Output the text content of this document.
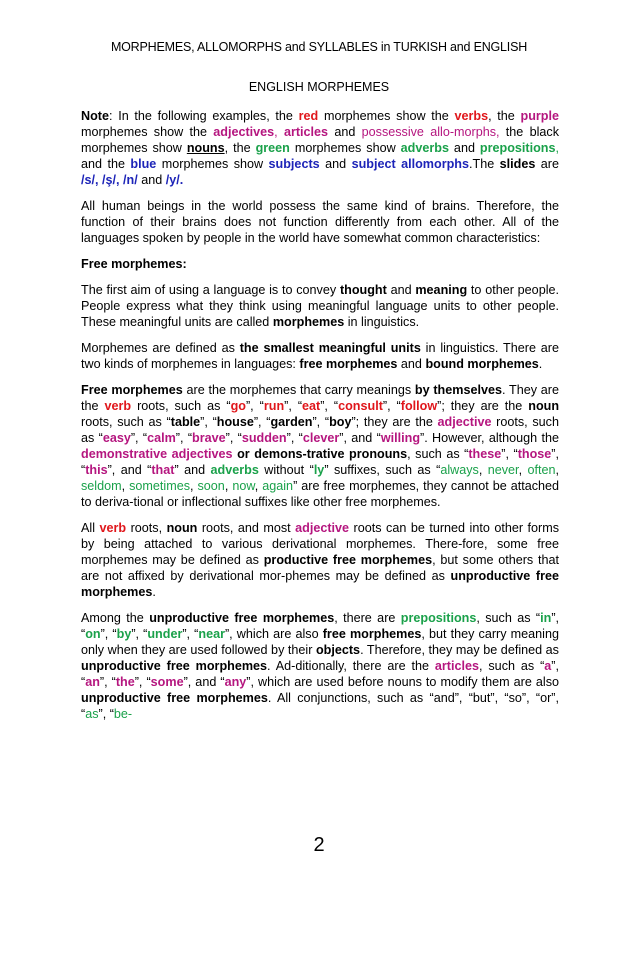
MORPHEMES, ALLOMORPHS and SYLLABLES in TURKISH and ENGLISH
ENGLISH MORPHEMES

Note: In the following examples, the red morphemes show the verbs, the purple morphemes show the adjectives, articles and possessive allo-morphs, the black morphemes show nouns, the green morphemes show adverbs and prepositions, and the blue morphemes show subjects and subject allomorphs.The slides are /s/, /ş/, /n/ and /y/.

All human beings in the world possess the same kind of brains. Therefore, the function of their brains does not function differently from each other. All of the languages spoken by people in the world have somewhat common characteristics:

Free morphemes:

The first aim of using a language is to convey thought and meaning to other people. People express what they think using meaningful language units to other people. These meaningful units are called morphemes in linguistics.

Morphemes are defined as the smallest meaningful units in linguistics. There are two kinds of morphemes in languages: free morphemes and bound morphemes.

Free morphemes are the morphemes that carry meanings by themselves. They are the verb roots, such as “go”, “run”, “eat”, “consult”, “follow”; they are the noun roots, such as “table”, “house”, “garden”, “boy”; they are the adjective roots, such as “easy”, “calm”, “brave”, “sudden”, “clever”, and “willing”. However, although the demonstrative adjectives or demons-trative pronouns, such as “these”, “those”, “this”, and “that” and adverbs without “ly” suffixes, such as “always, never, often, seldom, sometimes, soon, now, again” are free morphemes, they cannot be attached to deriva-tional or inflectional suffixes like other free morphemes.

All verb roots, noun roots, and most adjective roots can be turned into other forms by being attached to various derivational morphemes. There-fore, some free morphemes may be defined as productive free morphemes, but some others that are not affixed by derivational mor-phemes may be defined as unproductive free morphemes.

Among the unproductive free morphemes, there are prepositions, such as “in”, “on”, “by”, “under”, “near”, which are also free morphemes, but they carry meaning only when they are used followed by their objects. Therefore, they may be defined as unproductive free morphemes. Ad-ditionally, there are the articles, such as “a”, “an”, “the”, “some”, and “any”, which are used before nouns to modify them are also unproductive free morphemes. All conjunctions, such as “and”, “but”, “so”, “or”, “as”, “be-

2
